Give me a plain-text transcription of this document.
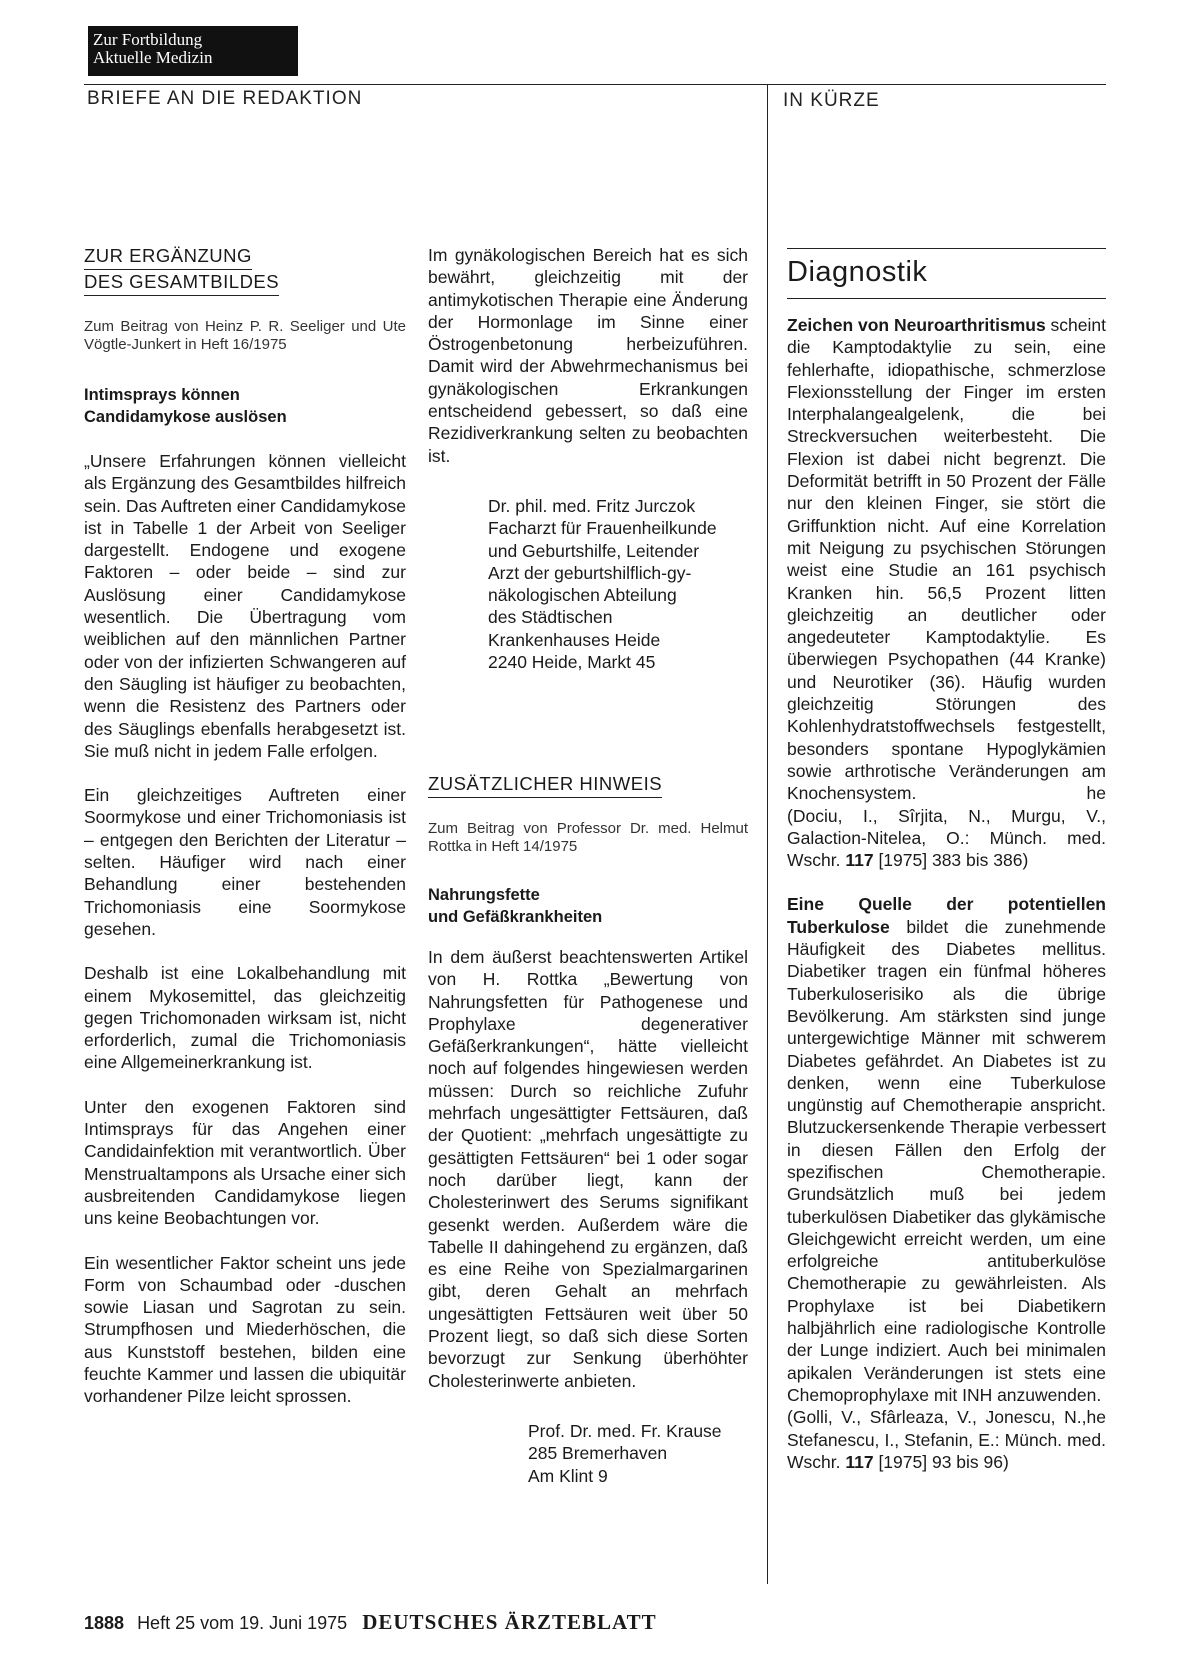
Zur Fortbildung
Aktuelle Medizin
BRIEFE AN DIE REDAKTION	IN KÜRZE
ZUR ERGÄNZUNG
DES GESAMTBILDES
Zum Beitrag von Heinz P. R. Seeliger und Ute Vögtle-Junkert in Heft 16/1975
Intimsprays können
Candidamykose auslösen

„Unsere Erfahrungen können vielleicht als Ergänzung des Gesamtbildes hilfreich sein. Das Auftreten einer Candidamykose ist in Tabelle 1 der Arbeit von Seeliger dargestellt. Endogene und exogene Faktoren – oder beide – sind zur Auslösung einer Candidamykose wesentlich. Die Übertragung vom weiblichen auf den männlichen Partner oder von der infizierten Schwangeren auf den Säugling ist häufiger zu beobachten, wenn die Resistenz des Partners oder des Säuglings ebenfalls herabgesetzt ist. Sie muß nicht in jedem Falle erfolgen.

Ein gleichzeitiges Auftreten einer Soormykose und einer Trichomoniasis ist – entgegen den Berichten der Literatur – selten. Häufiger wird nach einer Behandlung einer bestehenden Trichomoniasis eine Soormykose gesehen.

Deshalb ist eine Lokalbehandlung mit einem Mykosemittel, das gleichzeitig gegen Trichomonaden wirksam ist, nicht erforderlich, zumal die Trichomoniasis eine Allgemeinerkrankung ist.

Unter den exogenen Faktoren sind Intimsprays für das Angehen einer Candidainfektion mit verantwortlich. Über Menstrualtampons als Ursache einer sich ausbreitenden Candidamykose liegen uns keine Beobachtungen vor.

Ein wesentlicher Faktor scheint uns jede Form von Schaumbad oder -duschen sowie Liasan und Sagrotan zu sein. Strumpfhosen und Miederhöschen, die aus Kunststoff bestehen, bilden eine feuchte Kammer und lassen die ubiquitär vorhandener Pilze leicht sprossen.

Im gynäkologischen Bereich hat es sich bewährt, gleichzeitig mit der antimykotischen Therapie eine Änderung der Hormonlage im Sinne einer Östrogenbetonung herbeizuführen. Damit wird der Abwehrmechanismus bei gynäkologischen Erkrankungen entscheidend gebessert, so daß eine Rezidiverkrankung selten zu beobachten ist.

Dr. phil. med. Fritz Jurczok
Facharzt für Frauenheilkunde
und Geburtshilfe, Leitender
Arzt der geburtshilflich-gy-
näkologischen Abteilung
des Städtischen
Krankenhauses Heide
2240 Heide, Markt 45
ZUSÄTZLICHER HINWEIS
Zum Beitrag von Professor Dr. med. Helmut Rottka in Heft 14/1975
Nahrungsfette
und Gefäßkrankheiten

In dem äußerst beachtenswerten Artikel von H. Rottka „Bewertung von Nahrungsfetten für Pathogenese und Prophylaxe degenerativer Gefäßerkrankungen“, hätte vielleicht noch auf folgendes hingewiesen werden müssen: Durch so reichliche Zufuhr mehrfach ungesättigter Fettsäuren, daß der Quotient: „mehrfach ungesättigte zu gesättigten Fettsäuren“ bei 1 oder sogar noch darüber liegt, kann der Cholesterinwert des Serums signifikant gesenkt werden. Außerdem wäre die Tabelle II dahingehend zu ergänzen, daß es eine Reihe von Spezialmargarinen gibt, deren Gehalt an mehrfach ungesättigten Fettsäuren weit über 50 Prozent liegt, so daß sich diese Sorten bevorzugt zur Senkung überhöhter Cholesterinwerte anbieten.

Prof. Dr. med. Fr. Krause
285 Bremerhaven
Am Klint 9
Diagnostik

Zeichen von Neuroarthritismus scheint die Kamptodaktylie zu sein, eine fehlerhafte, idiopathische, schmerzlose Flexionsstellung der Finger im ersten Interphalangealgelenk, die bei Streckversuchen weiterbesteht. Die Flexion ist dabei nicht begrenzt. Die Deformität betrifft in 50 Prozent der Fälle nur den kleinen Finger, sie stört die Griffunktion nicht. Auf eine Korrelation mit Neigung zu psychischen Störungen weist eine Studie an 161 psychisch Kranken hin. 56,5 Prozent litten gleichzeitig an deutlicher oder angedeuteter Kamptodaktylie. Es überwiegen Psychopathen (44 Kranke) und Neurotiker (36). Häufig wurden gleichzeitig Störungen des Kohlenhydratstoffwechsels festgestellt, besonders spontane Hypoglykämien sowie arthrotische Veränderungen am Knochensystem.	he

(Dociu, I., Sîrjita, N., Murgu, V., Galaction-Nitelea, O.: Münch. med. Wschr. 117 [1975] 383 bis 386)

Eine Quelle der potentiellen Tuberkulose bildet die zunehmende Häufigkeit des Diabetes mellitus. Diabetiker tragen ein fünfmal höheres Tuberkuloserisiko als die übrige Bevölkerung. Am stärksten sind junge untergewichtige Männer mit schwerem Diabetes gefährdet. An Diabetes ist zu denken, wenn eine Tuberkulose ungünstig auf Chemotherapie anspricht. Blutzuckersenkende Therapie verbessert in diesen Fällen den Erfolg der spezifischen Chemotherapie. Grundsätzlich muß bei jedem tuberkulösen Diabetiker das glykämische Gleichgewicht erreicht werden, um eine erfolgreiche antituberkulöse Chemotherapie zu gewährleisten. Als Prophylaxe ist bei Diabetikern halbjährlich eine radiologische Kontrolle der Lunge indiziert. Auch bei minimalen apikalen Veränderungen ist stets eine Chemoprophylaxe mit INH anzuwenden.
he

(Golli, V., Sfârleaza, V., Jonescu, N., Stefanescu, I., Stefanin, E.: Münch. med. Wschr. 117 [1975] 93 bis 96)

1888 Heft 25 vom 19. Juni 1975 DEUTSCHES ÄRZTEBLATT
